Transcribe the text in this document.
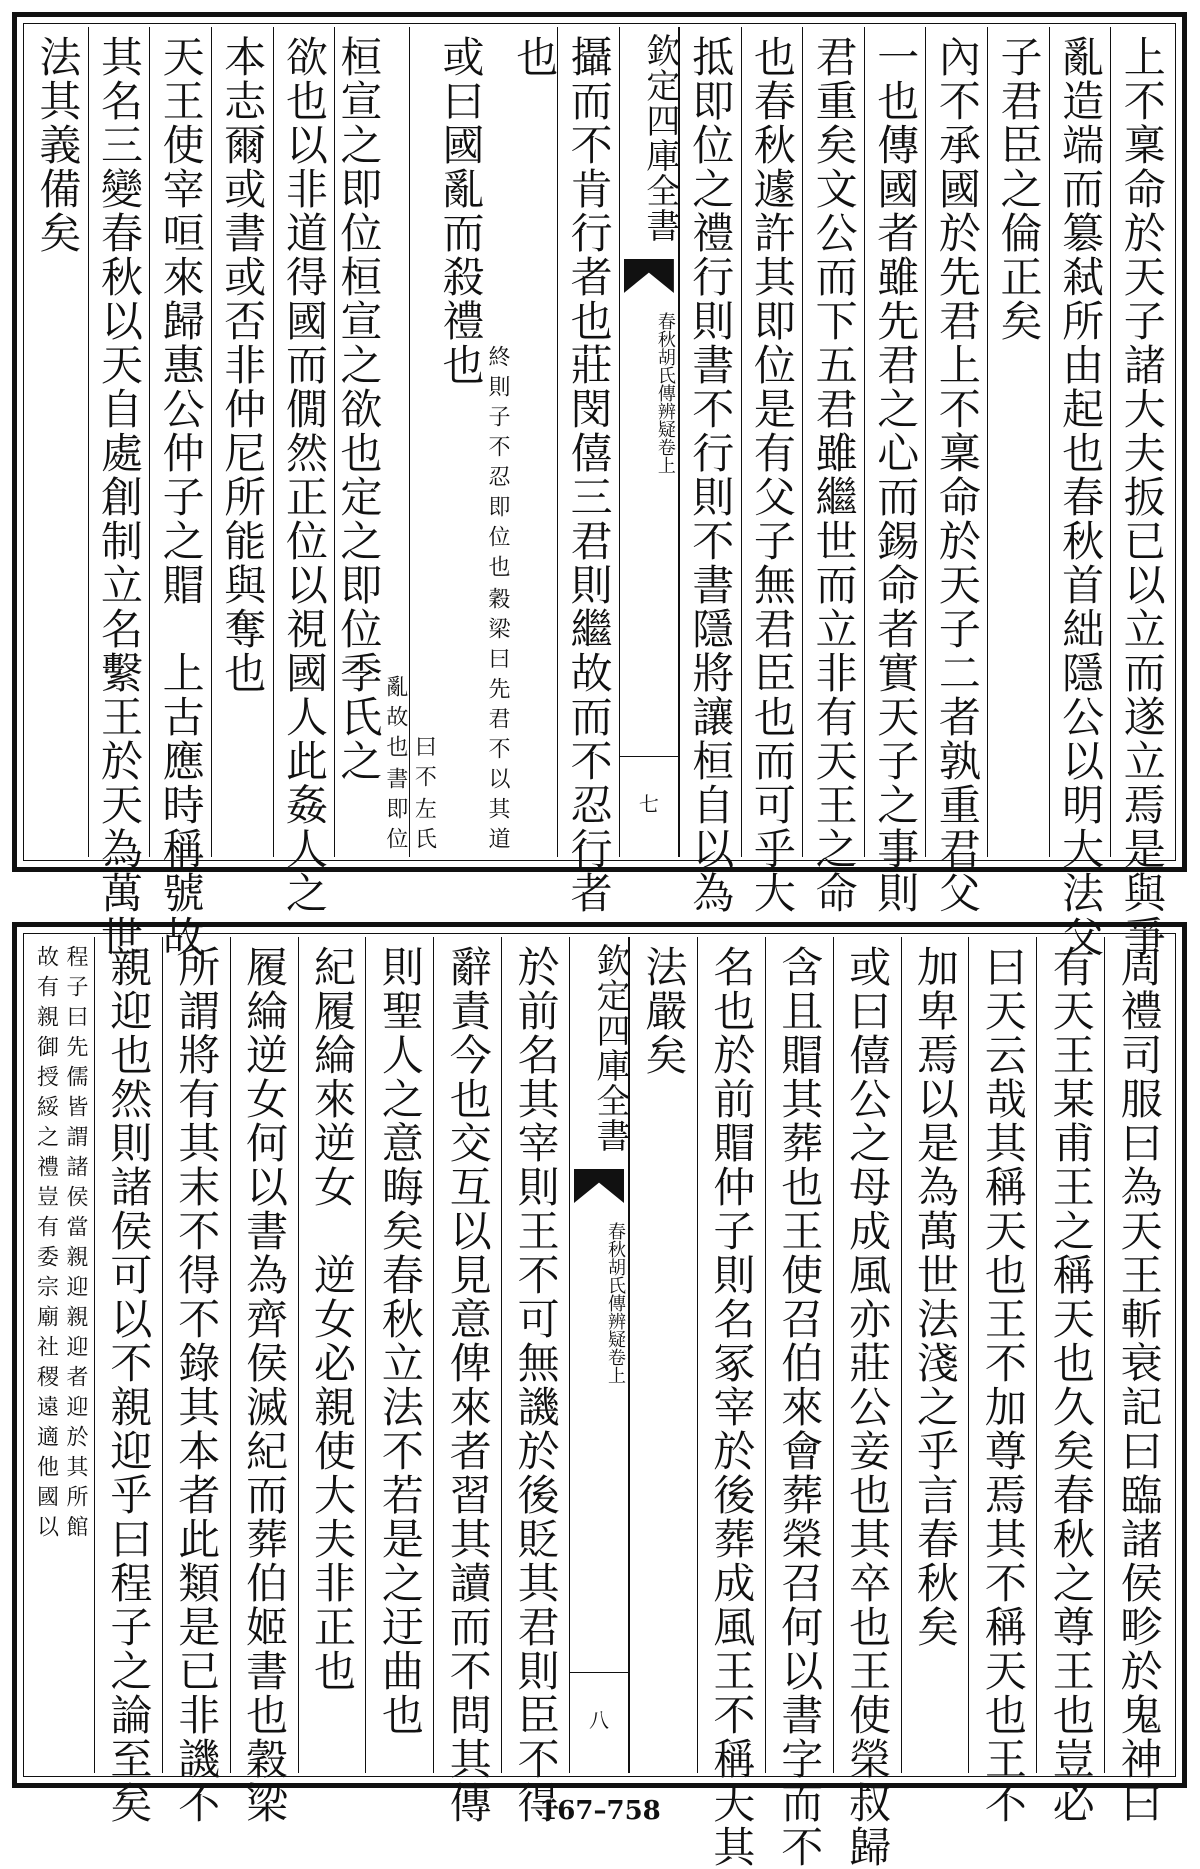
上不稟命於天子諸大夫扳已以立而遂立焉是與爭
亂造端而簒弒所由起也春秋首絀隱公以明大法父
子君臣之倫正矣
內不承國於先君上不稟命於天子二者孰重君父
一也傳國者雖先君之心而錫命者實天子之事則
君重矣文公而下五君雖繼世而立非有天王之命
也春秋遽許其即位是有父子無君臣也而可乎大
抵即位之禮行則書不行則不書隱將讓桓自以為
欽定四庫全書
春秋胡氏傳辨疑
卷上
七
攝而不肯行者也莊閔僖三君則繼故而不忍行者
也
穀梁曰先君不以其道
終則子不忍即位也
或曰國亂而殺禮也
左氏
曰不
書即位
亂故也
桓宣之即位桓宣之欲也定之即位季氏之
欲也以非道得國而僩然正位以視國人此姦人之
本志爾或書或否非仲尼所能與奪也
天王使宰咺來歸惠公仲子之賵　上古應時稱號故
其名三變春秋以天自處創制立名繫王於天為萬世
法其義備矣
周禮司服曰為天王斬衰記曰臨諸侯畛於鬼神曰
有天王某甫王之稱天也久矣春秋之尊王也豈必
曰天云哉其稱天也王不加尊焉其不稱天也王不
加卑焉以是為萬世法淺之乎言春秋矣
或曰僖公之母成風亦莊公妾也其卒也王使榮叔歸
含且賵其葬也王使召伯來會葬榮召何以書字而不
名也於前賵仲子則名冢宰於後葬成風王不稱天其
法嚴矣
欽定四庫全書
春秋胡氏傳辨疑
卷上
八
於前名其宰則王不可無譏於後貶其君則臣不得
辭責今也交互以見意俾來者習其讀而不問其傳
則聖人之意晦矣春秋立法不若是之迂曲也
紀履綸來逆女　逆女必親使大夫非正也
履綸逆女何以書為齊侯滅紀而葬伯姬書也穀梁
所謂將有其末不得不錄其本者此類是已非譏不
親迎也然則諸侯可以不親迎乎曰程子之論至矣
程子曰先儒皆謂諸侯當親迎親迎者迎於其所館
故有親御授綏之禮豈有委宗廟社稷遠適他國以
167–758
